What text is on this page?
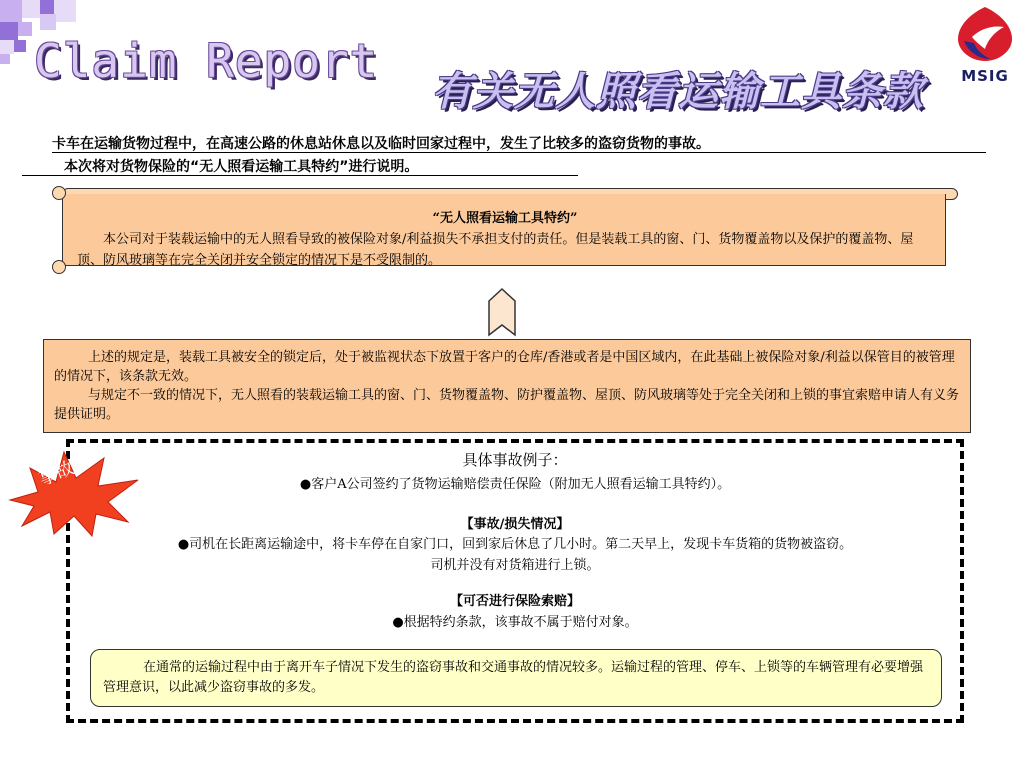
Claim Report
有关无人照看运输工具条款	MSIG
卡车在运输货物过程中，在高速公路的休息站休息以及临时回家过程中，发生了比较多的盗窃货物的事故。
本次将对货物保险的“无人照看运输工具特约”进行说明。
“无人照看运输工具特约”
本公司对于装载运输中的无人照看导致的被保险对象/利益损失不承担支付的责任。但是装载工具的窗、门、货物覆盖物以及保护的覆盖物、屋顶、防风玻璃等在完全关闭并安全锁定的情况下是不受限制的。
上述的规定是，装载工具被安全的锁定后，处于被监视状态下放置于客户的仓库/香港或者是中国区域内，在此基础上被保险对象/利益以保管目的被管理的情况下，该条款无效。
与规定不一致的情况下，无人照看的装载运输工具的窗、门、货物覆盖物、防护覆盖物、屋顶、防风玻璃等处于完全关闭和上锁的事宜索赔申请人有义务提供证明。
具体事故例子：
●客户A公司签约了货物运输赔偿责任保险（附加无人照看运输工具特约）。
【事故/损失情况】
●司机在长距离运输途中，将卡车停在自家门口，回到家后休息了几小时。第二天早上，发现卡车货箱的货物被盗窃。
司机并没有对货箱进行上锁。
【可否进行保险索赔】
●根据特约条款，该事故不属于赔付对象。
在通常的运输过程中由于离开车子情况下发生的盗窃事故和交通事故的情况较多。运输过程的管理、停车、上锁等的车辆管理有必要增强管理意识，以此减少盗窃事故的多发。
事故!
